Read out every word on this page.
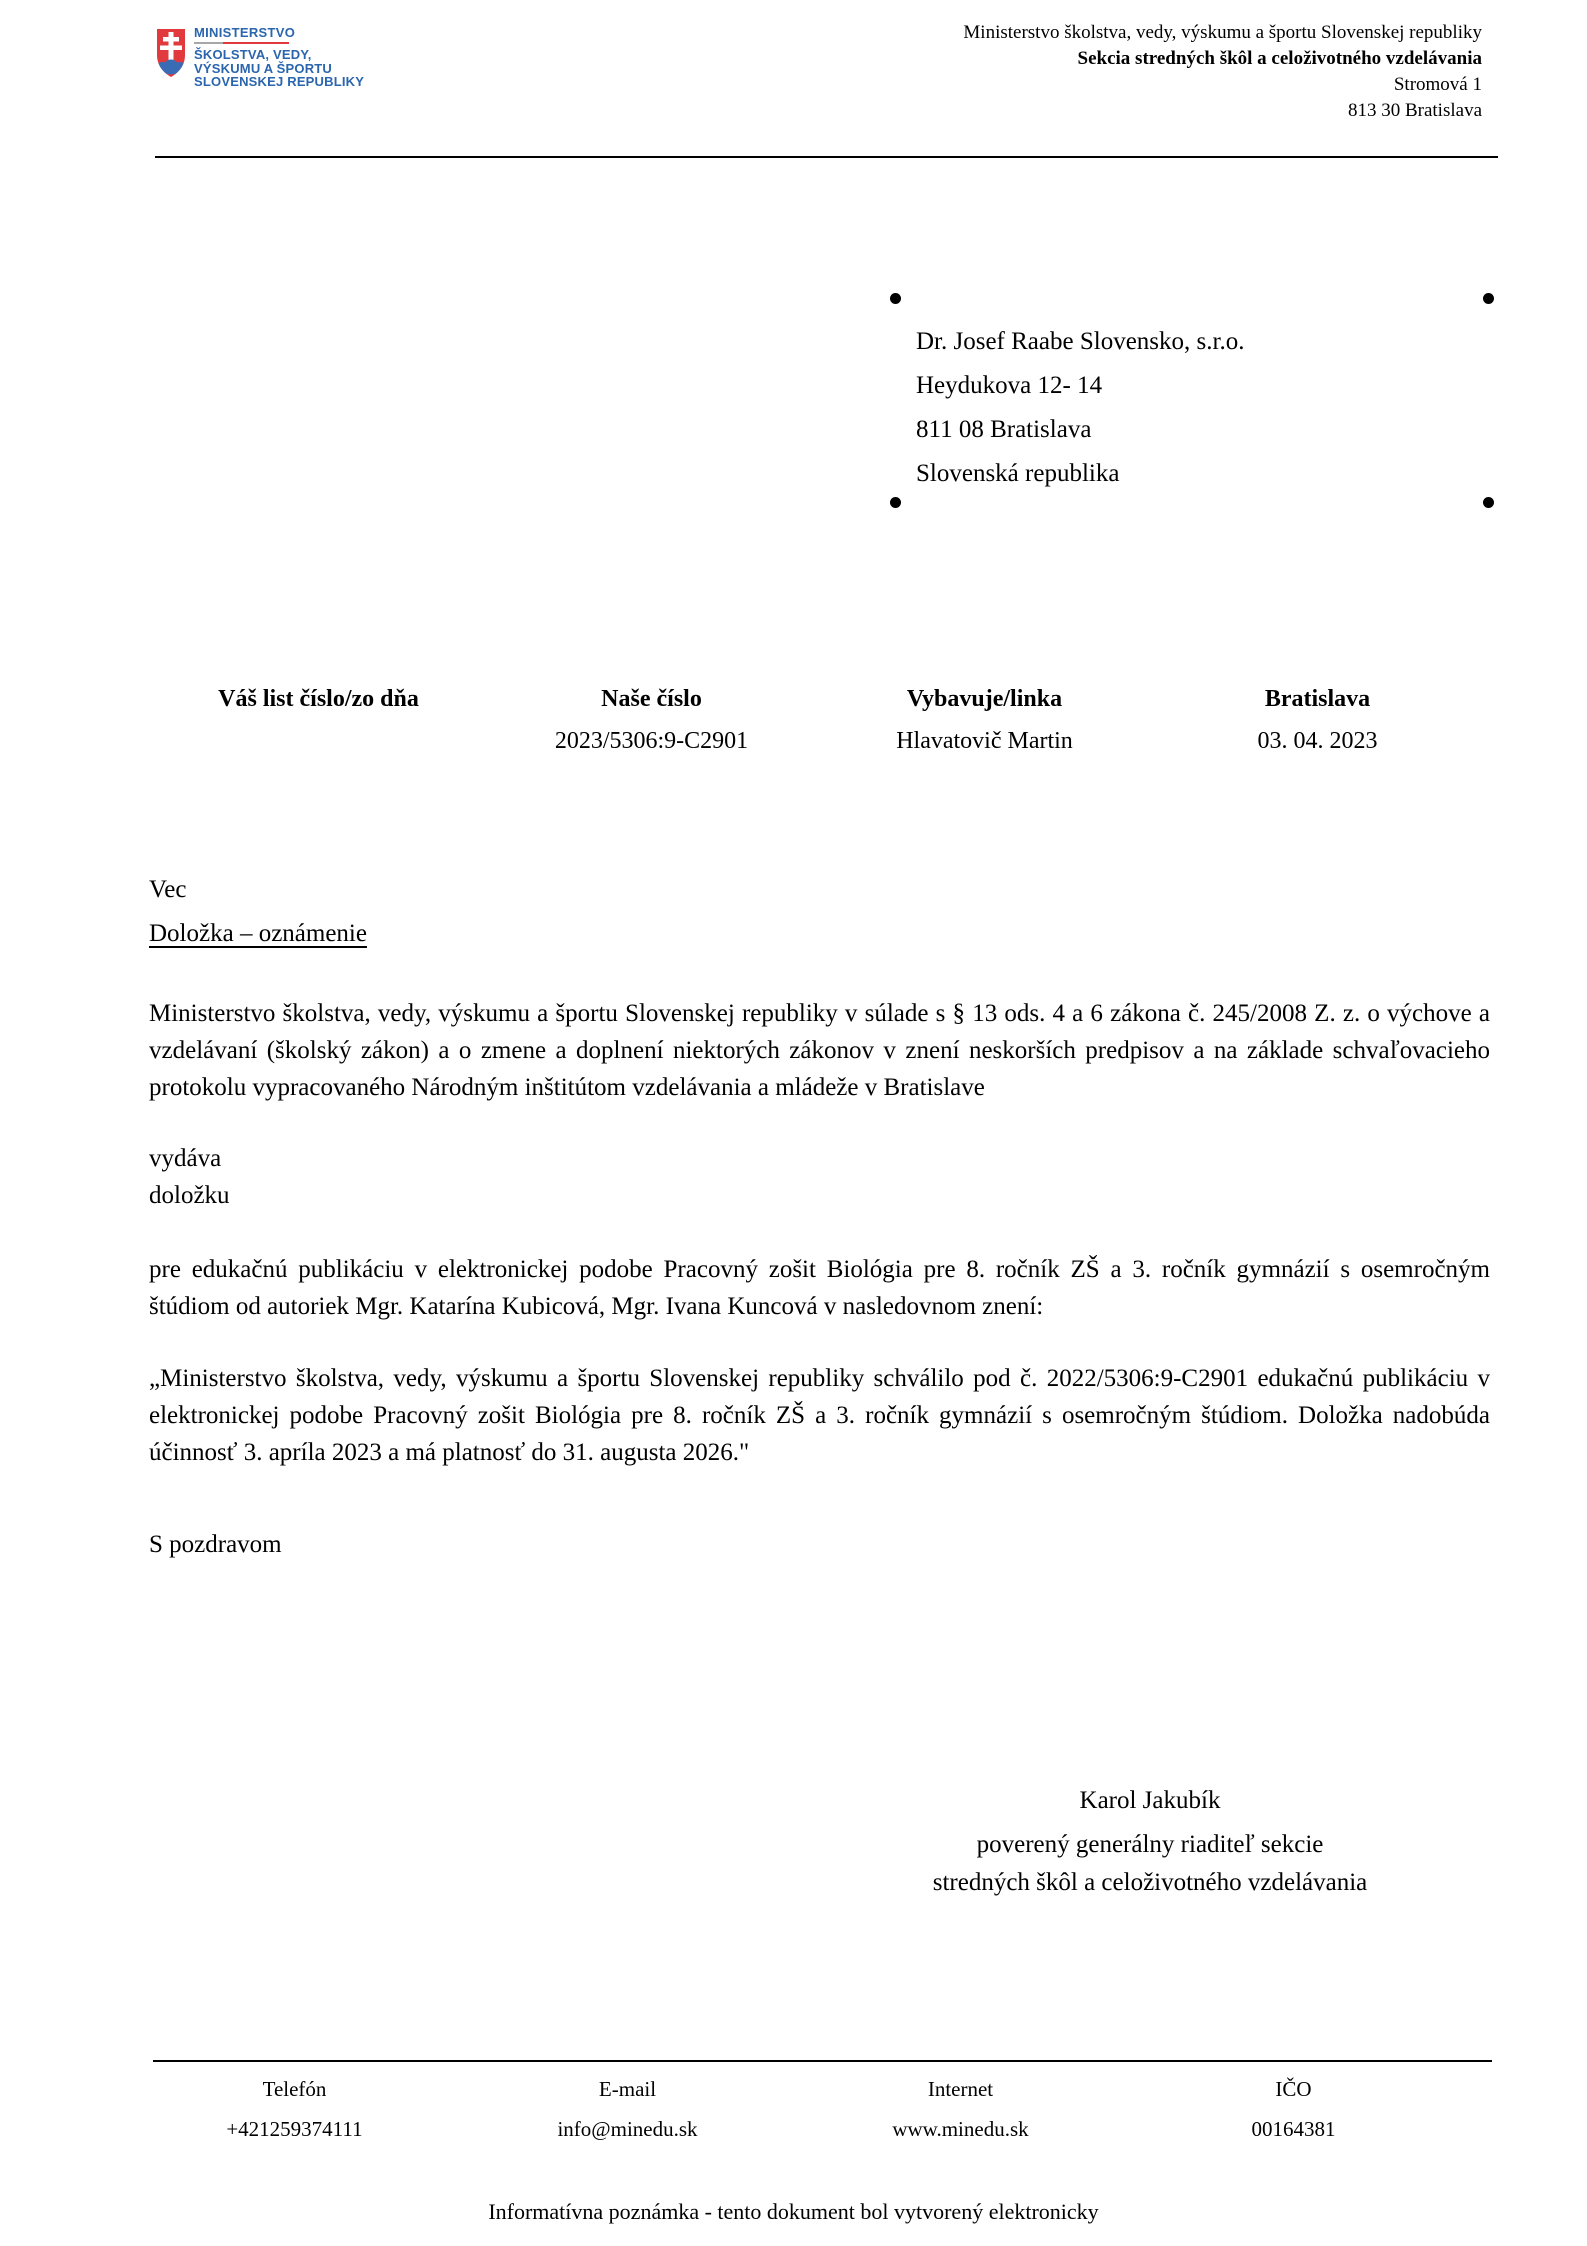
MINISTERSTVO
ŠKOLSTVA, VEDY,
VÝSKUMU A ŠPORTU
SLOVENSKEJ REPUBLIKY
Ministerstvo školstva, vedy, výskumu a športu Slovenskej republiky
Sekcia stredných škôl a celoživotného vzdelávania
Stromová 1
813 30 Bratislava
Dr. Josef Raabe Slovensko, s.r.o.
Heydukova 12- 14
811 08 Bratislava
Slovenská republika
Váš list číslo/zo dňa	Naše číslo
2023/5306:9-C2901
Vybavuje/linka
Hlavatovič Martin
Bratislava
03. 04. 2023
Vec
Doložka – oznámenie
Ministerstvo školstva, vedy, výskumu a športu Slovenskej republiky v súlade s § 13 ods. 4 a 6 zákona č. 245/2008 Z. z. o výchove a vzdelávaní (školský zákon) a o zmene a doplnení niektorých zákonov v znení neskorších predpisov a na základe schvaľovacieho protokolu vypracovaného Národným inštitútom vzdelávania a mládeže v Bratislave
vydáva
doložku
pre edukačnú publikáciu v elektronickej podobe Pracovný zošit Biológia pre 8. ročník ZŠ a 3. ročník gymnázií s osemročným štúdiom od autoriek Mgr. Katarína Kubicová, Mgr. Ivana Kuncová v nasledovnom znení:
„Ministerstvo školstva, vedy, výskumu a športu Slovenskej republiky schválilo pod č. 2022/5306:9-C2901 edukačnú publikáciu v elektronickej podobe Pracovný zošit Biológia pre 8. ročník ZŠ a 3. ročník gymnázií s osemročným štúdiom. Doložka nadobúda účinnosť 3. apríla 2023 a má platnosť do 31. augusta 2026."
S pozdravom
Karol Jakubík
poverený generálny riaditeľ sekcie
stredných škôl a celoživotného vzdelávania
Telefón
+421259374111
E-mail
info@minedu.sk
Internet
www.minedu.sk
IČO
00164381
Informatívna poznámka - tento dokument bol vytvorený elektronicky
